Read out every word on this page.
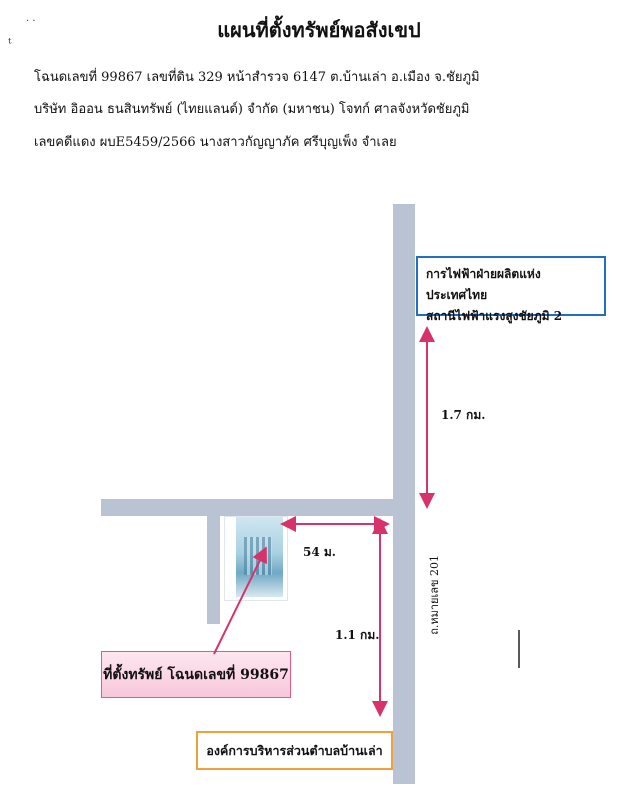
แผนที่ตั้งทรัพย์พอสังเขป
โฉนดเลขที่ 99867 เลขที่ดิน 329 หน้าสำรวจ 6147 ต.บ้านเล่า อ.เมือง จ.ชัยภูมิ
บริษัท อิออน ธนสินทรัพย์ (ไทยแลนด์) จำกัด (มหาชน) โจทก์ ศาลจังหวัดชัยภูมิ
เลขคดีแดง ผบE5459/2566 นางสาวกัญญาภัค ศรีบุญเพ็ง จำเลย
ᵗ
· ·
การไฟฟ้าฝ่ายผลิตแห่งประเทศไทย
สถานีไฟฟ้าแรงสูงชัยภูมิ 2
1.7 กม.
54 ม.
1.1 กม.
ถ.หมายเลข 201
ที่ตั้งทรัพย์ โฉนดเลขที่ 99867
องค์การบริหารส่วนตำบลบ้านเล่า
